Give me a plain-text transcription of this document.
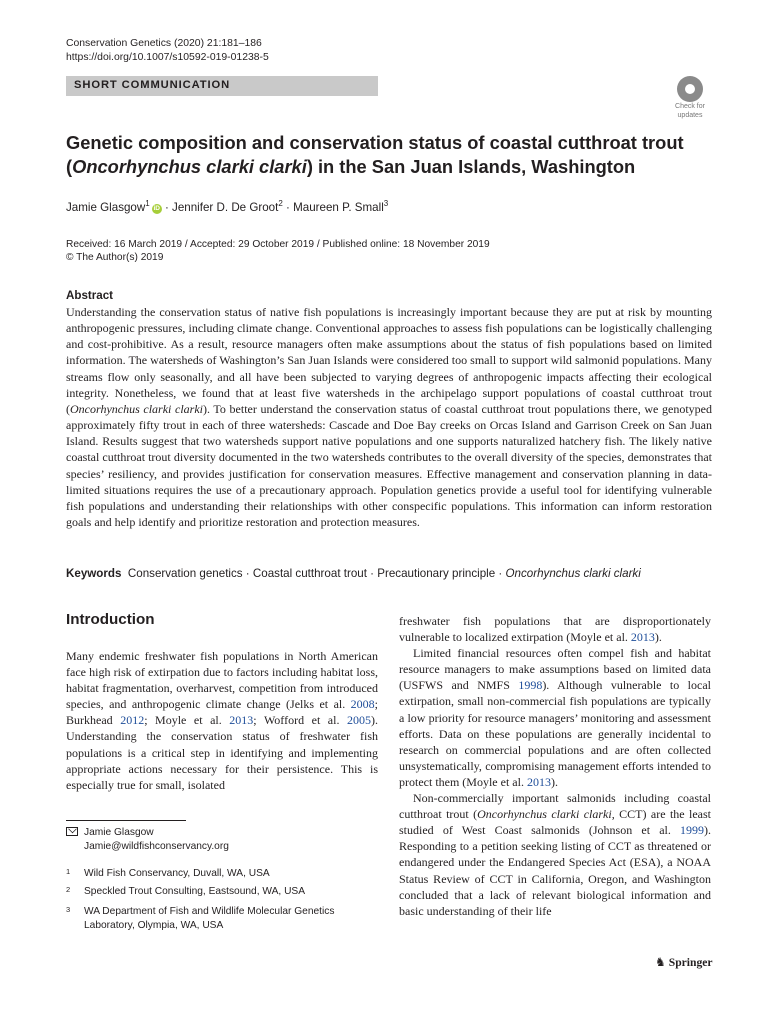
Conservation Genetics (2020) 21:181–186
https://doi.org/10.1007/s10592-019-01238-5
SHORT COMMUNICATION
Check for
updates
Genetic composition and conservation status of coastal cutthroat trout (Oncorhynchus clarki clarki) in the San Juan Islands, Washington
Jamie Glasgow$^1$iD · Jennifer D. De Groot$^2$ · Maureen P. Small$^3$
Received: 16 March 2019 / Accepted: 29 October 2019 / Published online: 18 November 2019
© The Author(s) 2019
Abstract
Understanding the conservation status of native fish populations is increasingly important because they are put at risk by mounting anthropogenic pressures, including climate change. Conventional approaches to assess fish populations can be logistically challenging and cost-prohibitive. As a result, resource managers often make assumptions about the status of fish populations based on limited information. The watersheds of Washington’s San Juan Islands were considered too small to support wild salmonid populations. Many streams flow only seasonally, and all have been subjected to varying degrees of anthropogenic impacts affecting their ecological integrity. Nonetheless, we found that at least five watersheds in the archipelago support populations of coastal cutthroat trout (Oncorhynchus clarki clarki). To better understand the conservation status of coastal cutthroat trout populations there, we genotyped approximately fifty trout in each of three watersheds: Cascade and Doe Bay creeks on Orcas Island and Garrison Creek on San Juan Island. Results suggest that two watersheds support native populations and one supports naturalized hatchery fish. The likely native coastal cutthroat trout diversity documented in the two watersheds contributes to the overall diversity of the species, demonstrates that species’ resiliency, and provides justification for conservation measures. Effective management and conservation planning in data-limited situations requires the use of a precautionary approach. Population genetics provide a useful tool for identifying vulnerable fish populations and understanding their relationships with other conspecific populations. This information can inform restoration goals and help identify and prioritize restoration and protection measures.
Keywords Conservation genetics · Coastal cutthroat trout · Precautionary principle · Oncorhynchus clarki clarki
Introduction

Many endemic freshwater fish populations in North American face high risk of extirpation due to factors including habitat loss, habitat fragmentation, overharvest, competition from introduced species, and anthropogenic climate change (Jelks et al. 2008; Burkhead 2012; Moyle et al. 2013; Wofford et al. 2005). Understanding the conservation status of freshwater fish populations is a critical step in identifying and implementing appropriate actions necessary for their persistence. This is especially true for small, isolated

freshwater fish populations that are disproportionately vulnerable to localized extirpation (Moyle et al. 2013).

Limited financial resources often compel fish and habitat resource managers to make assumptions based on limited data (USFWS and NMFS 1998). Although vulnerable to local extirpation, small non-commercial fish populations are typically a low priority for resource managers’ monitoring and assessment efforts. Data on these populations are generally incidental to research on commercial populations and are often collected unsystematically, compromising management efforts intended to protect them (Moyle et al. 2013).

Non-commercially important salmonids including coastal cutthroat trout (Oncorhynchus clarki clarki, CCT) are the least studied of West Coast salmonids (Johnson et al. 1999). Responding to a petition seeking listing of CCT as threatened or endangered under the Endangered Species Act (ESA), a NOAA Status Review of CCT in California, Oregon, and Washington concluded that a lack of relevant biological information and basic understanding of their life

Jamie Glasgow
Jamie@wildfishconservancy.org
1 Wild Fish Conservancy, Duvall, WA, USA
2 Speckled Trout Consulting, Eastsound, WA, USA
3 WA Department of Fish and Wildlife Molecular Genetics Laboratory, Olympia, WA, USA
♞ Springer
